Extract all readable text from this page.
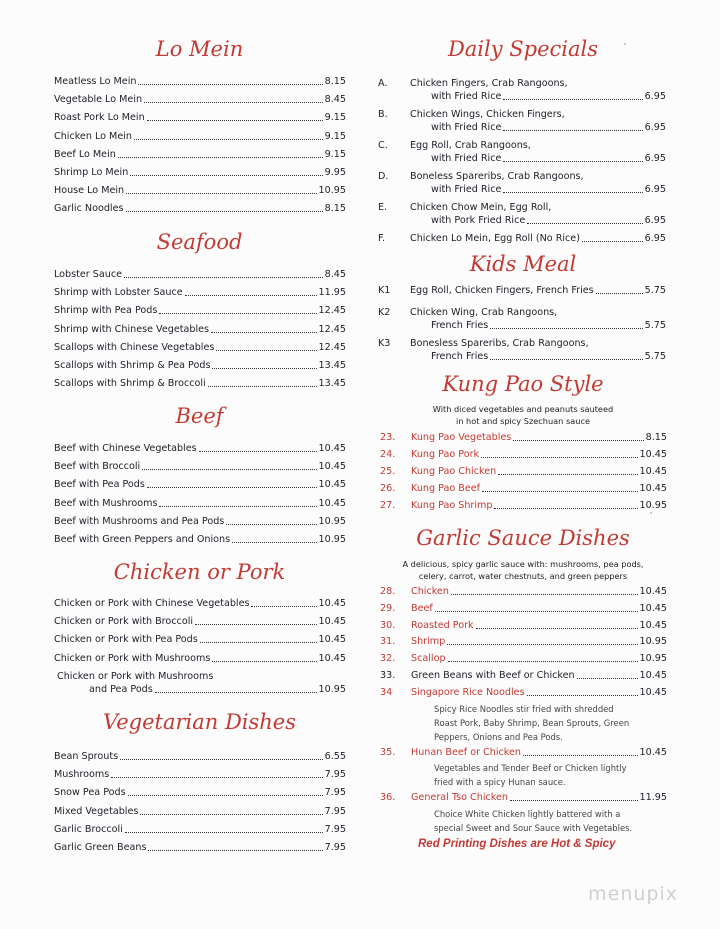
Lo Mein
Meatless Lo Mein	8.15
Vegetable Lo Mein	8.45
Roast Pork Lo Mein	9.15
Chicken Lo Mein	9.15
Beef Lo Mein	9.15
Shrimp Lo Mein	9.95
House Lo Mein	10.95
Garlic Noodles	8.15
Seafood
Lobster Sauce	8.45
Shrimp with Lobster Sauce	11.95
Shrimp with Pea Pods	12.45
Shrimp with Chinese Vegetables	12.45
Scallops with Chinese Vegetables	12.45
Scallops with Shrimp & Pea Pods	13.45
Scallops with Shrimp & Broccoli	13.45
Beef
Beef with Chinese Vegetables	10.45
Beef with Broccoli	10.45
Beef with Pea Pods	10.45
Beef with Mushrooms	10.45
Beef with Mushrooms and Pea Pods	10.95
Beef with Green Peppers and Onions	10.95
Chicken or Pork
Chicken or Pork with Chinese Vegetables	10.45
Chicken or Pork with Broccoli	10.45
Chicken or Pork with Pea Pods	10.45
Chicken or Pork with Mushrooms	10.45
Chicken or Pork with Mushrooms
and Pea Pods	10.95
Vegetarian Dishes
Bean Sprouts	6.55
Mushrooms	7.95
Snow Pea Pods	7.95
Mixed Vegetables	7.95
Garlic Broccoli	7.95
Garlic Green Beans	7.95
Daily Specials
A. Chicken Fingers, Crab Rangoons,
with Fried Rice	6.95
B. Chicken Wings, Chicken Fingers,
with Fried Rice	6.95
C. Egg Roll, Crab Rangoons,
with Fried Rice	6.95
D. Boneless Spareribs, Crab Rangoons,
with Fried Rice	6.95
E. Chicken Chow Mein, Egg Roll,
with Pork Fried Rice	6.95
F.	Chicken Lo Mein, Egg Roll (No Rice)	6.95
Kids Meal
K1 Egg Roll, Chicken Fingers, French Fries	5.75
K2 Chicken Wing, Crab Rangoons,
French Fries	5.75
K3 Bonesless Spareribs, Crab Rangoons,
French Fries	5.75
Kung Pao Style
With diced vegetables and peanuts sauteed
in hot and spicy Szechuan sauce
23. Kung Pao Vegetables	8.15
24. Kung Pao Pork	10.45
25. Kung Pao Chicken	10.45
26. Kung Pao Beef	10.45
27. Kung Pao Shrimp	10.95
Garlic Sauce Dishes
A delicious, spicy garlic sauce with: mushrooms, pea pods,
celery, carrot, water chestnuts, and green peppers
28. Chicken	10.45
29. Beef	10.45
30. Roasted Pork	10.45
31. Shrimp	10.95
32. Scallop	10.95
33. Green Beans with Beef or Chicken	10.45
34 Singapore Rice Noodles	10.45
Spicy Rice Noodles stir fried with shredded
Roast Pork, Baby Shrimp, Bean Sprouts, Green
Peppers, Onions and Pea Pods.
35. Hunan Beef or Chicken	10.45
Vegetables and Tender Beef or Chicken lightly
fried with a spicy Hunan sauce.
36. General Tso Chicken	11.95
Choice White Chicken lightly battered with a
special Sweet and Sour Sauce with Vegetables.
Red Printing Dishes are Hot & Spicy
menupix
